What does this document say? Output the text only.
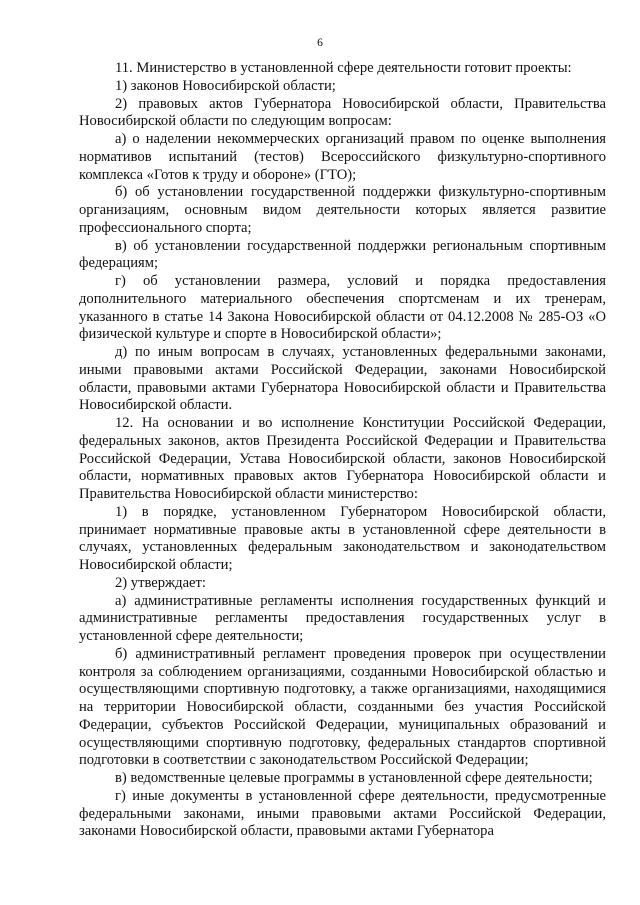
6

11. Министерство в установленной сфере деятельности готовит проекты:

1) законов Новосибирской области;

2) правовых актов Губернатора Новосибирской области, Правительства Новосибирской области по следующим вопросам:

а) о наделении некоммерческих организаций правом по оценке выполнения нормативов испытаний (тестов) Всероссийского физкультурно-спортивного комплекса «Готов к труду и обороне» (ГТО);

б) об установлении государственной поддержки физкультурно-спортивным организациям, основным видом деятельности которых является развитие профессионального спорта;

в) об установлении государственной поддержки региональным спортивным федерациям;

г) об установлении размера, условий и порядка предоставления дополнительного материального обеспечения спортсменам и их тренерам, указанного в статье 14 Закона Новосибирской области от 04.12.2008 № 285-ОЗ «О физической культуре и спорте в Новосибирской области»;

д) по иным вопросам в случаях, установленных федеральными законами, иными правовыми актами Российской Федерации, законами Новосибирской области, правовыми актами Губернатора Новосибирской области и Правительства Новосибирской области.

12. На основании и во исполнение Конституции Российской Федерации, федеральных законов, актов Президента Российской Федерации и Правительства Российской Федерации, Устава Новосибирской области, законов Новосибирской области, нормативных правовых актов Губернатора Новосибирской области и Правительства Новосибирской области министерство:

1) в порядке, установленном Губернатором Новосибирской области, принимает нормативные правовые акты в установленной сфере деятельности в случаях, установленных федеральным законодательством и законодательством Новосибирской области;

2) утверждает:

а) административные регламенты исполнения государственных функций и административные регламенты предоставления государственных услуг в установленной сфере деятельности;

б) административный регламент проведения проверок при осуществлении контроля за соблюдением организациями, созданными Новосибирской областью и осуществляющими спортивную подготовку, а также организациями, находящимися на территории Новосибирской области, созданными без участия Российской Федерации, субъектов Российской Федерации, муниципальных образований и осуществляющими спортивную подготовку, федеральных стандартов спортивной подготовки в соответствии с законодательством Российской Федерации;

в) ведомственные целевые программы в установленной сфере деятельности;

г) иные документы в установленной сфере деятельности, предусмотренные федеральными законами, иными правовыми актами Российской Федерации, законами Новосибирской области, правовыми актами Губернатора
